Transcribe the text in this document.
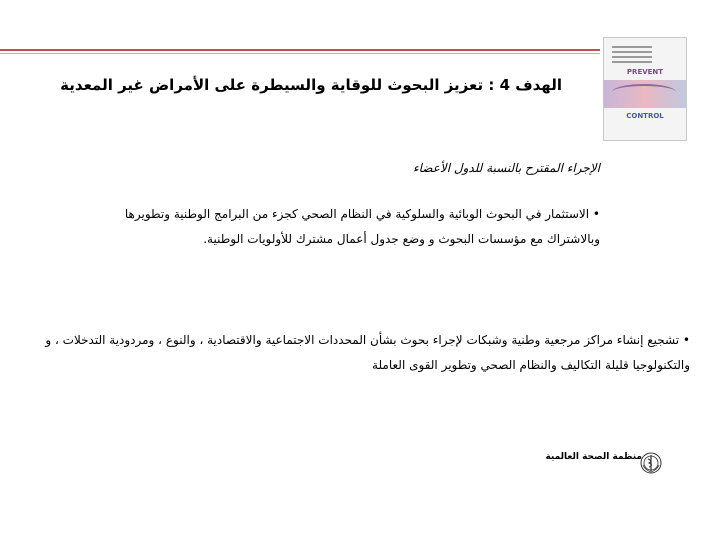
PREVENT
CONTROL
الهدف 4 : تعزيز البحوث للوقاية والسيطرة على الأمراض غير المعدية
الإجراء المقترح بالنسبة للدول الأعضاء
• الاستثمار في البحوث الوبائية والسلوكية في النظام الصحي كجزء من البرامج الوطنية وتطويرها وبالاشتراك مع مؤسسات البحوث و وضع جدول أعمال مشترك للأولويات الوطنية.
• تشجيع إنشاء مراكز مرجعية وطنية وشبكات لإجراء بحوث بشأن المحددات الاجتماعية والاقتصادية ، والنوع ، ومردودية التدخلات ، و والتكنولوجيا قليلة التكاليف والنظام الصحي وتطوير القوى العاملة
منظمة الصحة العالمية
